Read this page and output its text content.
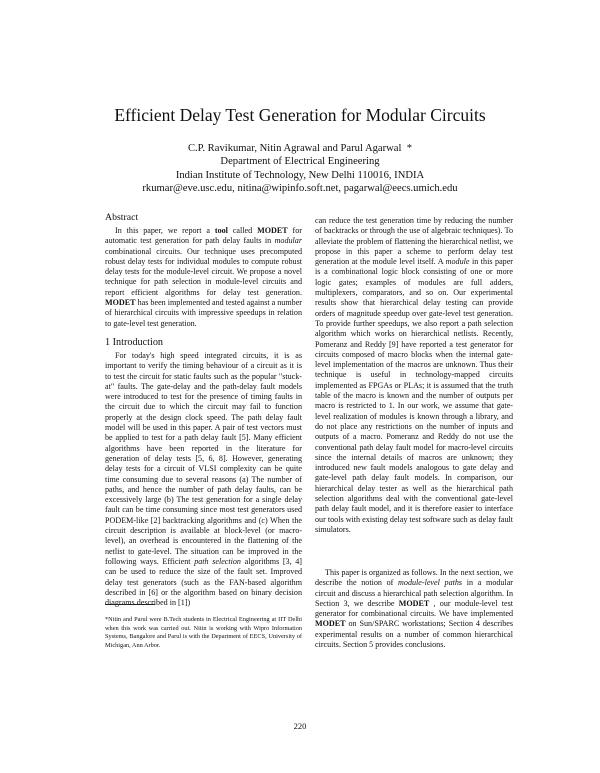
Efficient Delay Test Generation for Modular Circuits
C.P. Ravikumar, Nitin Agrawal and Parul Agarwal *
Department of Electrical Engineering
Indian Institute of Technology, New Delhi 110016, INDIA
rkumar@eve.usc.edu, nitina@wipinfo.soft.net, pagarwal@eecs.umich.edu
Abstract

In this paper, we report a tool called MODET for automatic test generation for path delay faults in modular combinational circuits. Our technique uses precomputed robust delay tests for individual modules to compute robust delay tests for the module-level circuit. We propose a novel technique for path selection in module-level circuits and report efficient algorithms for delay test generation. MODET has been implemented and tested against a number of hierarchical circuits with impressive speedups in relation to gate-level test generation.

1 Introduction

For today's high speed integrated circuits, it is as important to verify the timing behaviour of a circuit as it is to test the circuit for static faults such as the popular "stuck-at" faults. The gate-delay and the path-delay fault models were introduced to test for the presence of timing faults in the circuit due to which the circuit may fail to function properly at the design clock speed. The path delay fault model will be used in this paper. A pair of test vectors must be applied to test for a path delay fault [5]. Many efficient algorithms have been reported in the literature for generation of delay tests [5, 6, 8]. However, generating delay tests for a circuit of VLSI complexity can be quite time consuming due to several reasons (a) The number of paths, and hence the number of path delay faults, can be excessively large (b) The test generation for a single delay fault can be time consuming since most test generators used PODEM-like [2] backtracking algorithms and (c) When the circuit description is available at block-level (or macro-level), an overhead is encountered in the flattening of the netlist to gate-level. The situation can be improved in the following ways. Efficient path selection algorithms [3, 4] can be used to reduce the size of the fault set. Improved delay test generators (such as the FAN-based algorithm described in [6] or the algorithm based on binary decision diagrams described in [1])

can reduce the test generation time by reducing the number of backtracks or through the use of algebraic techniques). To alleviate the problem of flattening the hierarchical netlist, we propose in this paper a scheme to perform delay test generation at the module level itself. A module in this paper is a combinational logic block consisting of one or more logic gates; examples of modules are full adders, multiplexers, comparators, and so on. Our experimental results show that hierarchical delay testing can provide orders of magnitude speedup over gate-level test generation. To provide further speedups, we also report a path selection algorithm which works on hierarchical netlists. Recently, Pomeranz and Reddy [9] have reported a test generator for circuits composed of macro blocks when the internal gate-level implementation of the macros are unknown. Thus their technique is useful in technology-mapped circuits implemented as FPGAs or PLAs; it is assumed that the truth table of the macro is known and the number of outputs per macro is restricted to 1. In our work, we assume that gate-level realization of modules is known through a library, and do not place any restrictions on the number of inputs and outputs of a macro. Pomeranz and Reddy do not use the conventional path delay fault model for macro-level circuits since the internal details of macros are unknown; they introduced new fault models analogous to gate delay and gate-level path delay fault models. In comparison, our hierarchical delay tester as well as the hierarchical path selection algorithms deal with the conventional gate-level path delay fault model, and it is therefore easier to interface our tools with existing delay test software such as delay fault simulators.

This paper is organized as follows. In the next section, we describe the notion of module-level paths in a modular circuit and discuss a hierarchical path selection algorithm. In Section 3, we describe MODET , our module-level test generator for combinational circuits. We have implemented MODET on Sun/SPARC workstations; Section 4 describes experimental results on a number of common hierarchical circuits. Section 5 provides conclusions.

*Nitin and Parul were B.Tech students in Electrical Engineering at IIT Delhi when this work was carried out. Nitin is working with Wipro Information Systems, Bangalore and Parul is with the Department of EECS, University of Michigan, Ann Arbor.
220
